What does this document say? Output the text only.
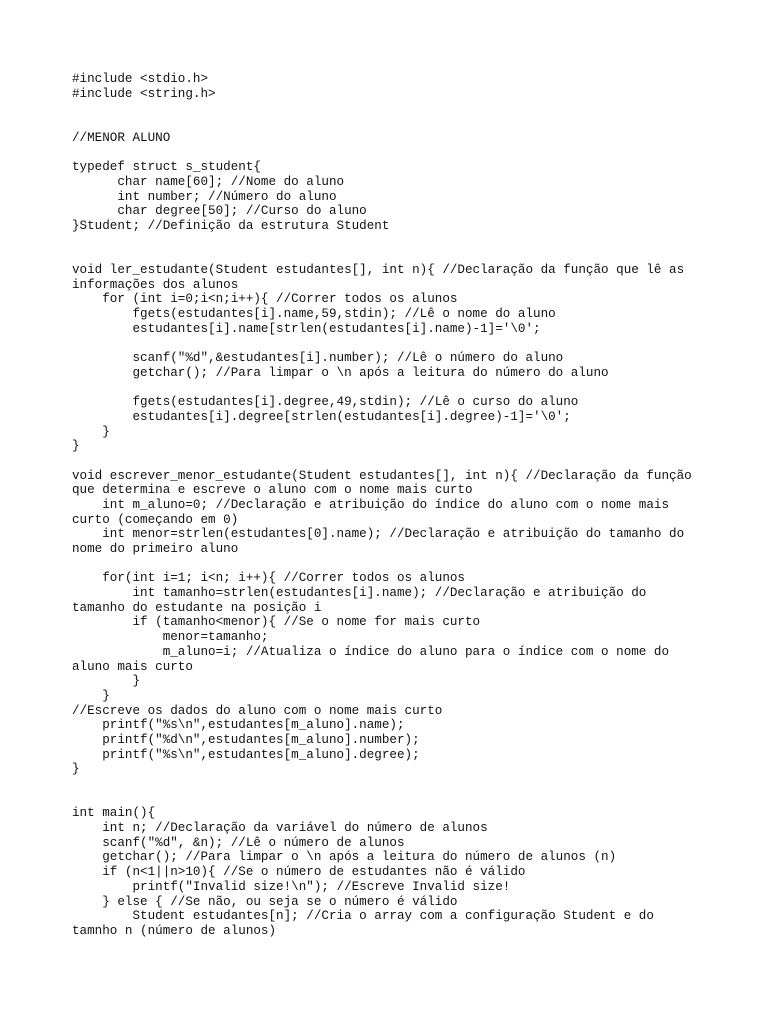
#include <stdio.h>
#include <string.h>
//MENOR ALUNO
typedef struct s_student{
char name[60]; //Nome do aluno
int number; //Número do aluno
char degree[50]; //Curso do aluno
}Student; //Definição da estrutura Student
void ler_estudante(Student estudantes[], int n){ //Declaração da função que lê as
informações dos alunos
for (int i=0;i<n;i++){ //Correr todos os alunos
fgets(estudantes[i].name,59,stdin); //Lê o nome do aluno
estudantes[i].name[strlen(estudantes[i].name)-1]='\0';
scanf("%d",&estudantes[i].number); //Lê o número do aluno
getchar(); //Para limpar o \n após a leitura do número do aluno
fgets(estudantes[i].degree,49,stdin); //Lê o curso do aluno
estudantes[i].degree[strlen(estudantes[i].degree)-1]='\0';
}
}
void escrever_menor_estudante(Student estudantes[], int n){ //Declaração da função
que determina e escreve o aluno com o nome mais curto
int m_aluno=0; //Declaração e atribuição do índice do aluno com o nome mais
curto (começando em 0)
int menor=strlen(estudantes[0].name); //Declaração e atribuição do tamanho do
nome do primeiro aluno
for(int i=1; i<n; i++){ //Correr todos os alunos
int tamanho=strlen(estudantes[i].name); //Declaração e atribuição do
tamanho do estudante na posição i
if (tamanho<menor){ //Se o nome for mais curto
menor=tamanho;
m_aluno=i; //Atualiza o índice do aluno para o índice com o nome do
aluno mais curto
}
}
//Escreve os dados do aluno com o nome mais curto
printf("%s\n",estudantes[m_aluno].name);
printf("%d\n",estudantes[m_aluno].number);
printf("%s\n",estudantes[m_aluno].degree);
}
int main(){
int n; //Declaração da variável do número de alunos
scanf("%d", &n); //Lê o número de alunos
getchar(); //Para limpar o \n após a leitura do número de alunos (n)
if (n<1||n>10){ //Se o número de estudantes não é válido
printf("Invalid size!\n"); //Escreve Invalid size!
} else { //Se não, ou seja se o número é válido
Student estudantes[n]; //Cria o array com a configuração Student e do
tamnho n (número de alunos)
